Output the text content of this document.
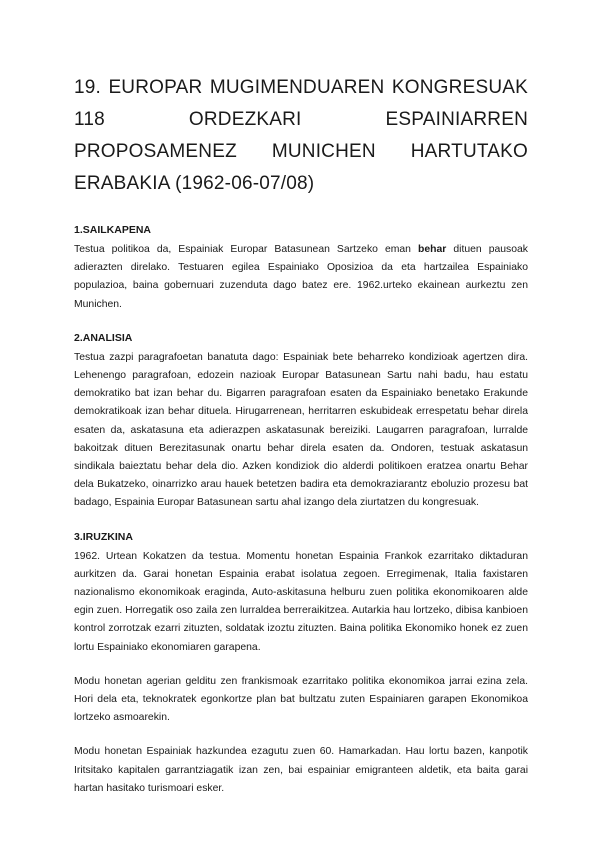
19. EUROPAR MUGIMENDUAREN KONGRESUAK 118 ORDEZKARI ESPAINIARREN PROPOSAMENEZ MUNICHEN HARTUTAKO ERABAKIA (1962-06-07/08)

1.SAILKAPENA

Testua politikoa da, Espainiak Europar Batasunean Sartzeko eman behar dituen pausoak adierazten direlako. Testuaren egilea Espainiako Oposizioa da eta hartzailea Espainiako populazioa, baina gobernuari zuzenduta dago batez ere. 1962.urteko ekainean aurkeztu zen Munichen.

2.ANALISIA

Testua zazpi paragrafoetan banatuta dago: Espainiak bete beharreko kondizioak agertzen dira. Lehenengo paragrafoan, edozein nazioak Europar Batasunean Sartu nahi badu, hau estatu demokratiko bat izan behar du. Bigarren paragrafoan esaten da Espainiako benetako Erakunde demokratikoak izan behar dituela. Hirugarrenean, herritarren eskubideak errespetatu behar direla esaten da, askatasuna eta adierazpen askatasunak bereiziki. Laugarren paragrafoan, lurralde bakoitzak dituen Berezitasunak onartu behar direla esaten da. Ondoren, testuak askatasun sindikala baieztatu behar dela dio. Azken kondiziok dio alderdi politikoen eratzea onartu Behar dela Bukatzeko, oinarrizko arau hauek betetzen badira eta demokraziarantz eboluzio prozesu bat badago, Espainia Europar Batasunean sartu ahal izango dela ziurtatzen du kongresuak.

3.IRUZKINA

1962. Urtean Kokatzen da testua. Momentu honetan Espainia Frankok ezarritako diktaduran aurkitzen da. Garai honetan Espainia erabat isolatua zegoen. Erregimenak, Italia faxistaren nazionalismo ekonomikoak eraginda, Auto-askitasuna helburu zuen politika ekonomikoaren alde egin zuen. Horregatik oso zaila zen lurraldea berreraikitzea. Autarkia hau lortzeko, dibisa kanbioen kontrol zorrotzak ezarri zituzten, soldatak izoztu zituzten. Baina politika Ekonomiko honek ez zuen lortu Espainiako ekonomiaren garapena.

Modu honetan agerian gelditu zen frankismoak ezarritako politika ekonomikoa jarrai ezina zela. Hori dela eta, teknokratek egonkortze plan bat bultzatu zuten Espainiaren garapen Ekonomikoa lortzeko asmoarekin.

Modu honetan Espainiak hazkundea ezagutu zuen 60. Hamarkadan. Hau lortu bazen, kanpotik Iritsitako kapitalen garrantziagatik izan zen, bai espainiar emigranteen aldetik, eta baita garai hartan hasitako turismoari esker.
